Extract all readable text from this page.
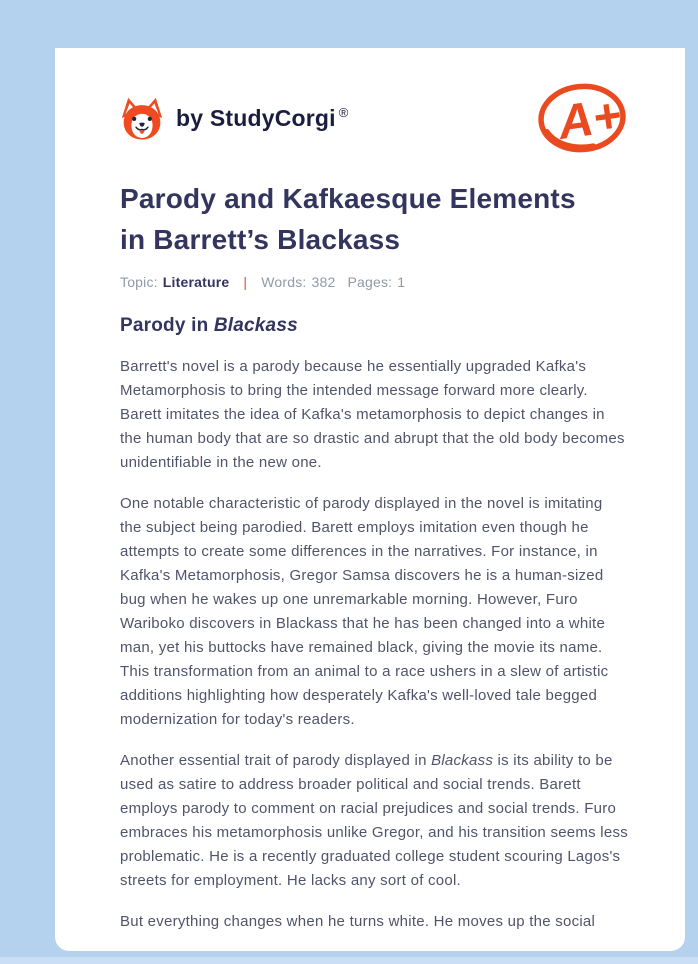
by StudyCorgi ®	A+
Parody and Kafkaesque Elements
in Barrett’s Blackass
Topic: Literature | Words: 382 Pages: 1
Parody in Blackass

Barrett's novel is a parody because he essentially upgraded Kafka's Metamorphosis to bring the intended message forward more clearly. Barett imitates the idea of Kafka's metamorphosis to depict changes in the human body that are so drastic and abrupt that the old body becomes unidentifiable in the new one.

One notable characteristic of parody displayed in the novel is imitating the subject being parodied. Barett employs imitation even though he attempts to create some differences in the narratives. For instance, in Kafka's Metamorphosis, Gregor Samsa discovers he is a human-sized bug when he wakes up one unremarkable morning. However, Furo Wariboko discovers in Blackass that he has been changed into a white man, yet his buttocks have remained black, giving the movie its name. This transformation from an animal to a race ushers in a slew of artistic additions highlighting how desperately Kafka's well-loved tale begged modernization for today's readers.

Another essential trait of parody displayed in Blackass is its ability to be used as satire to address broader political and social trends. Barett employs parody to comment on racial prejudices and social trends. Furo embraces his metamorphosis unlike Gregor, and his transition seems less problematic. He is a recently graduated college student scouring Lagos's streets for employment. He lacks any sort of cool.

But everything changes when he turns white. He moves up the social
